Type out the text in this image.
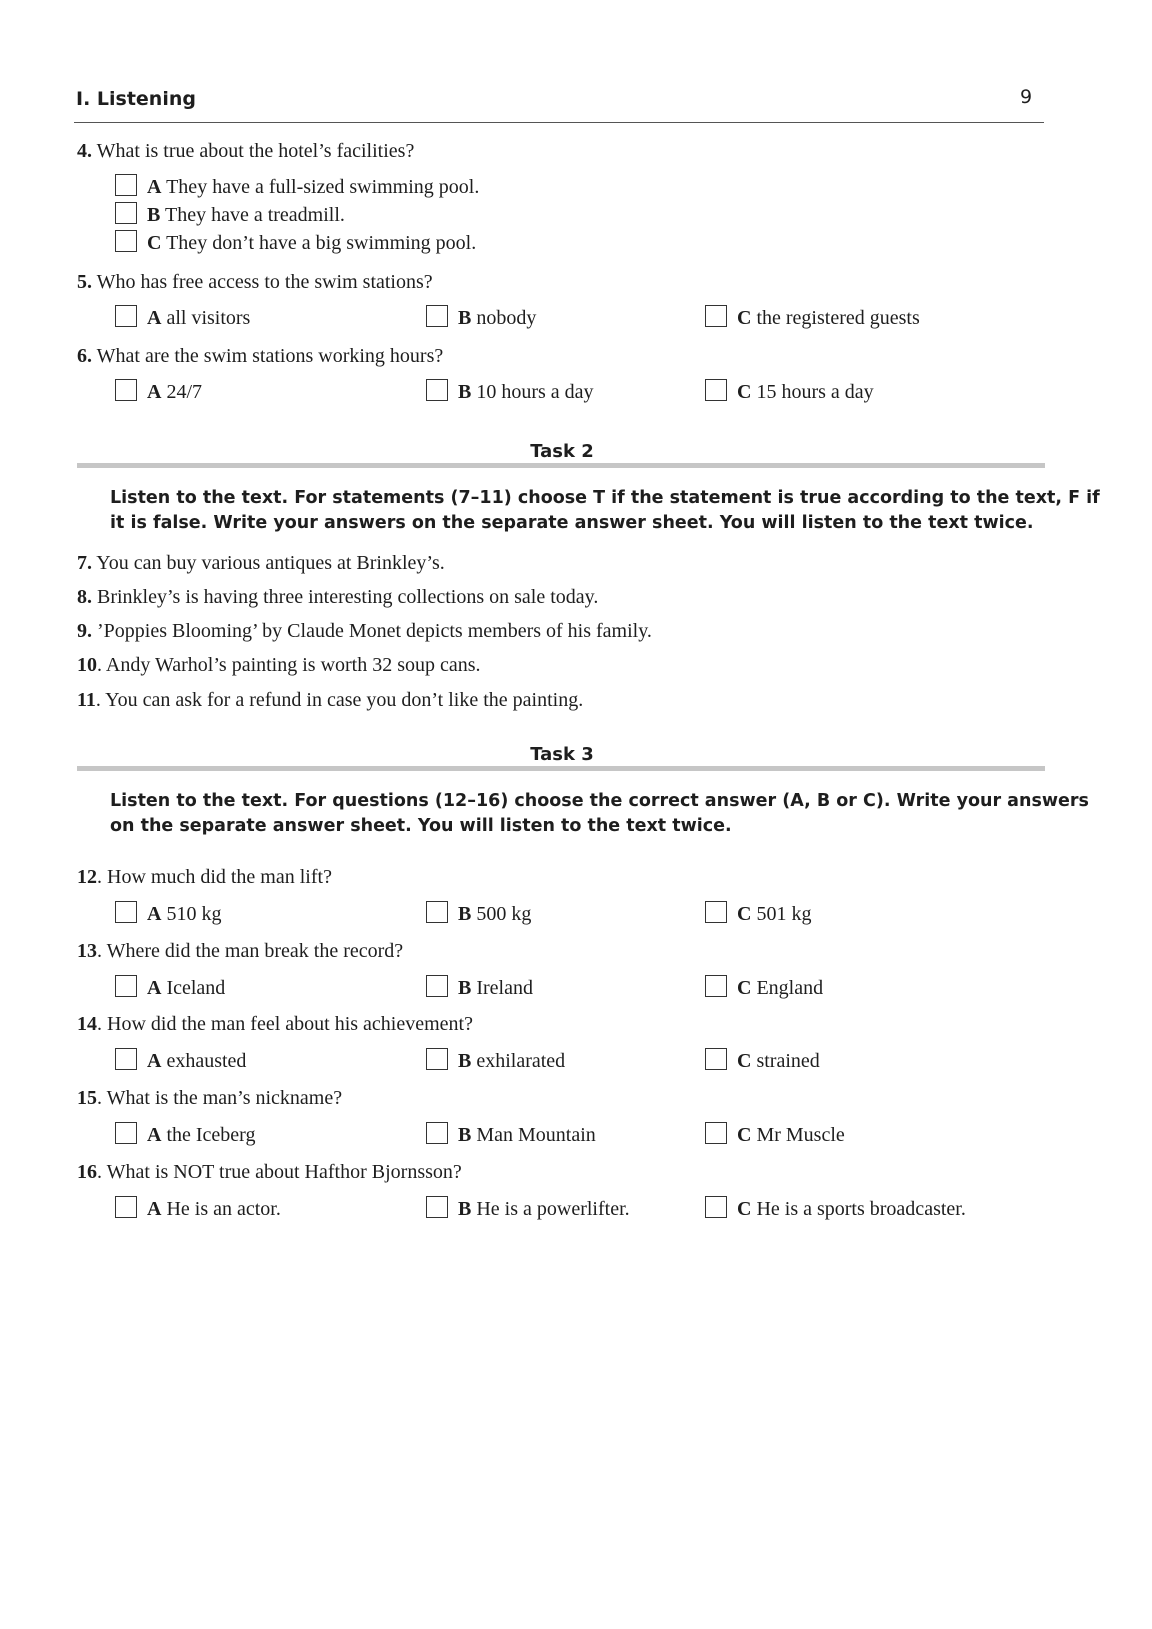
I. Listening	9
4. What is true about the hotel’s facilities?
A They have a full-sized swimming pool.
B They have a treadmill.
C They don’t have a big swimming pool.
5. Who has free access to the swim stations?
A all visitors	B nobody	C the registered guests
6. What are the swim stations working hours?
A 24/7	B 10 hours a day	C 15 hours a day
Task 2
Listen to the text. For statements (7–11) choose T if the statement is true according to the text, F if
it is false. Write your answers on the separate answer sheet. You will listen to the text twice.
7. You can buy various antiques at Brinkley’s.
8. Brinkley’s is having three interesting collections on sale today.
9. ’Poppies Blooming’ by Claude Monet depicts members of his family.
10. Andy Warhol’s painting is worth 32 soup cans.
11. You can ask for a refund in case you don’t like the painting.
Task 3
Listen to the text. For questions (12–16) choose the correct answer (A, B or C). Write your answers
on the separate answer sheet. You will listen to the text twice.
12. How much did the man lift?
A 510 kg	B 500 kg	C 501 kg
13. Where did the man break the record?
A Iceland	B Ireland	C England
14. How did the man feel about his achievement?
A exhausted	B exhilarated	C strained
15. What is the man’s nickname?
A the Iceberg	B Man Mountain	C Mr Muscle
16. What is NOT true about Hafthor Bjornsson?
A He is an actor.	B He is a powerlifter.	C He is a sports broadcaster.
